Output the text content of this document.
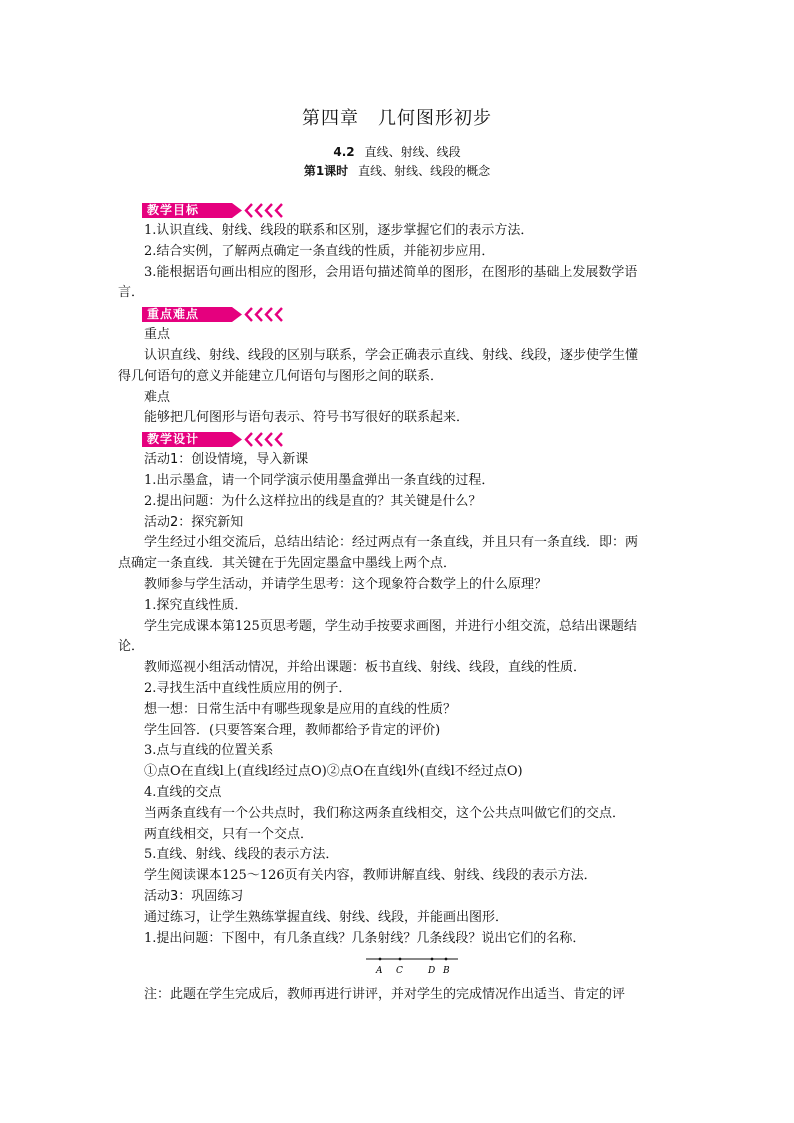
第四章　几何图形初步
4.2 直线、射线、线段
第1课时 直线、射线、线段的概念
教学目标
1.认识直线、射线、线段的联系和区别，逐步掌握它们的表示方法．
2.结合实例，了解两点确定一条直线的性质，并能初步应用．
3.能根据语句画出相应的图形，会用语句描述简单的图形，在图形的基础上发展数学语
言．
重点难点
重点
认识直线、射线、线段的区别与联系，学会正确表示直线、射线、线段，逐步使学生懂
得几何语句的意义并能建立几何语句与图形之间的联系．
难点
能够把几何图形与语句表示、符号书写很好的联系起来．
教学设计
活动1：创设情境，导入新课
1.出示墨盒，请一个同学演示使用墨盒弹出一条直线的过程．
2.提出问题：为什么这样拉出的线是直的？其关键是什么？
活动2：探究新知
学生经过小组交流后，总结出结论：经过两点有一条直线，并且只有一条直线．即：两
点确定一条直线．其关键在于先固定墨盒中墨线上两个点．
教师参与学生活动，并请学生思考：这个现象符合数学上的什么原理？
1.探究直线性质．
学生完成课本第125页思考题，学生动手按要求画图，并进行小组交流，总结出课题结
论．
教师巡视小组活动情况，并给出课题：板书直线、射线、线段，直线的性质．
2.寻找生活中直线性质应用的例子．
想一想：日常生活中有哪些现象是应用的直线的性质？
学生回答．(只要答案合理，教师都给予肯定的评价)
3.点与直线的位置关系
①点O在直线l上(直线l经过点O)②点O在直线l外(直线l不经过点O)
4.直线的交点
当两条直线有一个公共点时，我们称这两条直线相交，这个公共点叫做它们的交点．
两直线相交，只有一个交点．
5.直线、射线、线段的表示方法．
学生阅读课本125～126页有关内容，教师讲解直线、射线、线段的表示方法．
活动3：巩固练习
通过练习，让学生熟练掌握直线、射线、线段，并能画出图形．
1.提出问题：下图中，有几条直线？几条射线？几条线段？说出它们的名称．
A C	D B
注：此题在学生完成后，教师再进行讲评，并对学生的完成情况作出适当、肯定的评
